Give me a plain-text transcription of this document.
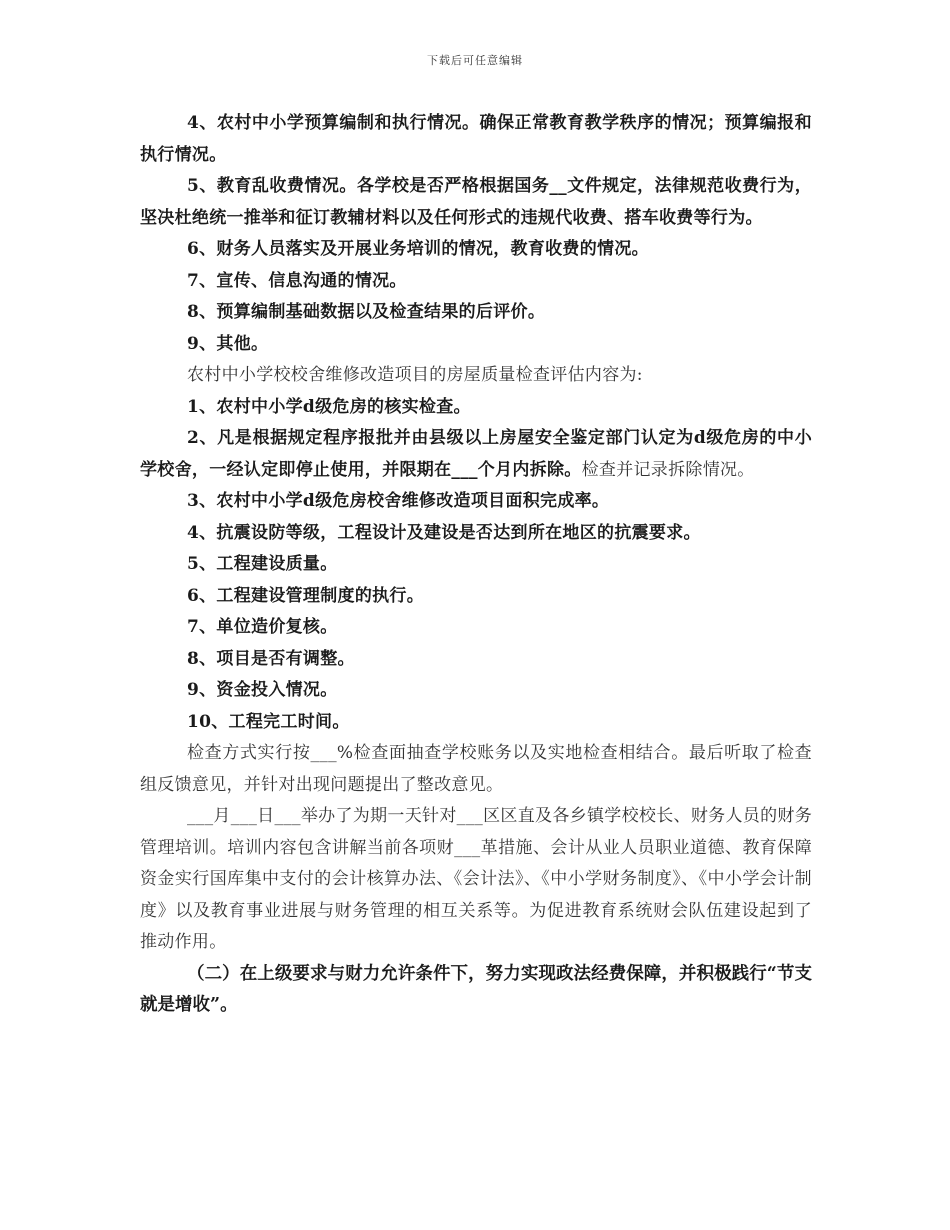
下载后可任意编辑

4、农村中小学预算编制和执行情况。确保正常教育教学秩序的情况；预算编报和执行情况。

5、教育乱收费情况。各学校是否严格根据国务__文件规定，法律规范收费行为，坚决杜绝统一推举和征订教辅材料以及任何形式的违规代收费、搭车收费等行为。

6、财务人员落实及开展业务培训的情况，教育收费的情况。

7、宣传、信息沟通的情况。

8、预算编制基础数据以及检查结果的后评价。

9、其他。

农村中小学校校舍维修改造项目的房屋质量检查评估内容为:

1、农村中小学d级危房的核实检查。

2、凡是根据规定程序报批并由县级以上房屋安全鉴定部门认定为d级危房的中小学校舍，一经认定即停止使用，并限期在___个月内拆除。检查并记录拆除情况。

3、农村中小学d级危房校舍维修改造项目面积完成率。

4、抗震设防等级，工程设计及建设是否达到所在地区的抗震要求。

5、工程建设质量。

6、工程建设管理制度的执行。

7、单位造价复核。

8、项目是否有调整。

9、资金投入情况。

10、工程完工时间。

检查方式实行按___%检查面抽查学校账务以及实地检查相结合。最后听取了检查组反馈意见，并针对出现问题提出了整改意见。

___月___日___举办了为期一天针对___区区直及各乡镇学校校长、财务人员的财务管理培训。培训内容包含讲解当前各项财___革措施、会计从业人员职业道德、教育保障资金实行国库集中支付的会计核算办法、《会计法》、《中小学财务制度》、《中小学会计制度》以及教育事业进展与财务管理的相互关系等。为促进教育系统财会队伍建设起到了推动作用。

（二）在上级要求与财力允许条件下，努力实现政法经费保障，并积极践行“节支就是增收”。
